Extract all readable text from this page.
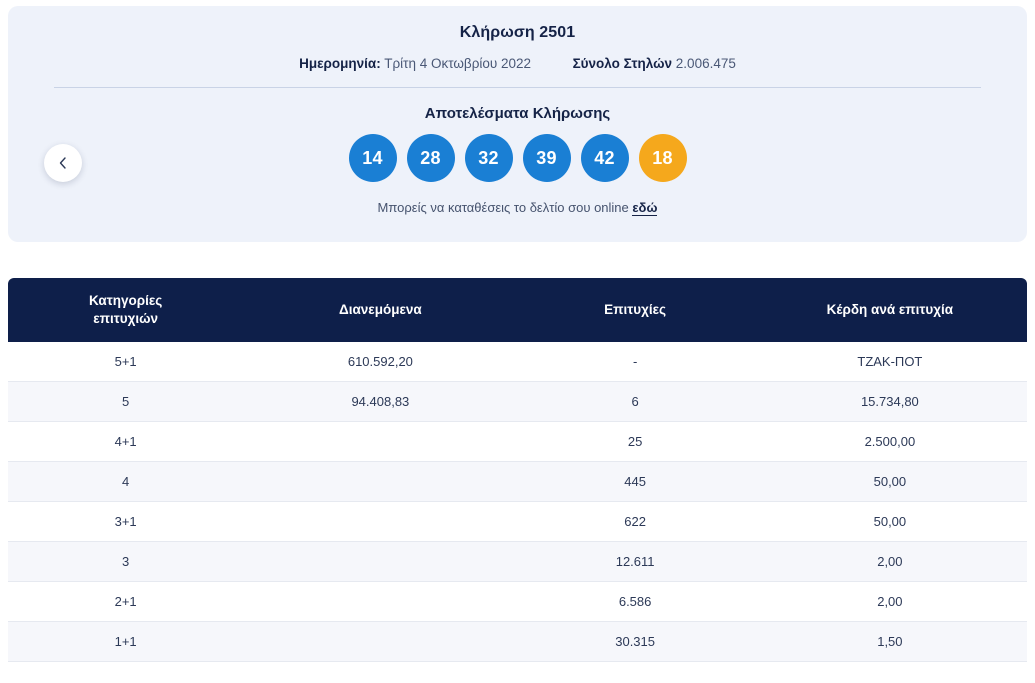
Κλήρωση 2501
Ημερομηνία: Τρίτη 4 Οκτωβρίου 2022	Σύνολο Στηλών 2.006.475
Αποτελέσματα Κλήρωσης
14	28	32	39	42	18
Μπορείς να καταθέσεις το δελτίο σου online εδώ
Κατηγορίες
επιτυχιών	Διανεμόμενα	Επιτυχίες	Κέρδη ανά επιτυχία
5+1	610.592,20	-	ΤΖΑΚ-ΠΟΤ
5	94.408,83	6	15.734,80
4+1		25	2.500,00
4		445	50,00
3+1		622	50,00
3		12.611	2,00
2+1		6.586	2,00
1+1		30.315	1,50
